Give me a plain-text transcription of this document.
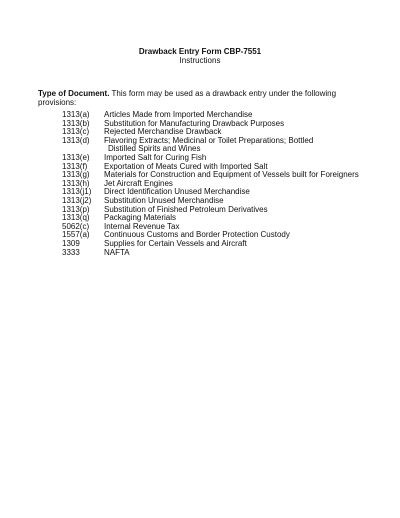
Drawback Entry Form CBP-7551
Instructions
Type of Document. This form may be used as a drawback entry under the following
provisions:
1313(a) Articles Made from Imported Merchandise
1313(b) Substitution for Manufacturing Drawback Purposes
1313(c) Rejected Merchandise Drawback
1313(d) Flavoring Extracts; Medicinal or Toilet Preparations; Bottled
Distilled Spirits and Wines
1313(e) Imported Salt for Curing Fish
1313(f) Exportation of Meats Cured with Imported Salt
1313(g) Materials for Construction and Equipment of Vessels built for Foreigners
1313(h) Jet Aircraft Engines
1313(j1) Direct Identification Unused Merchandise
1313(j2) Substitution Unused Merchandise
1313(p) Substitution of Finished Petroleum Derivatives
1313(q) Packaging Materials
5062(c) Internal Revenue Tax
1557(a) Continuous Customs and Border Protection Custody
1309	Supplies for Certain Vessels and Aircraft
3333	NAFTA
